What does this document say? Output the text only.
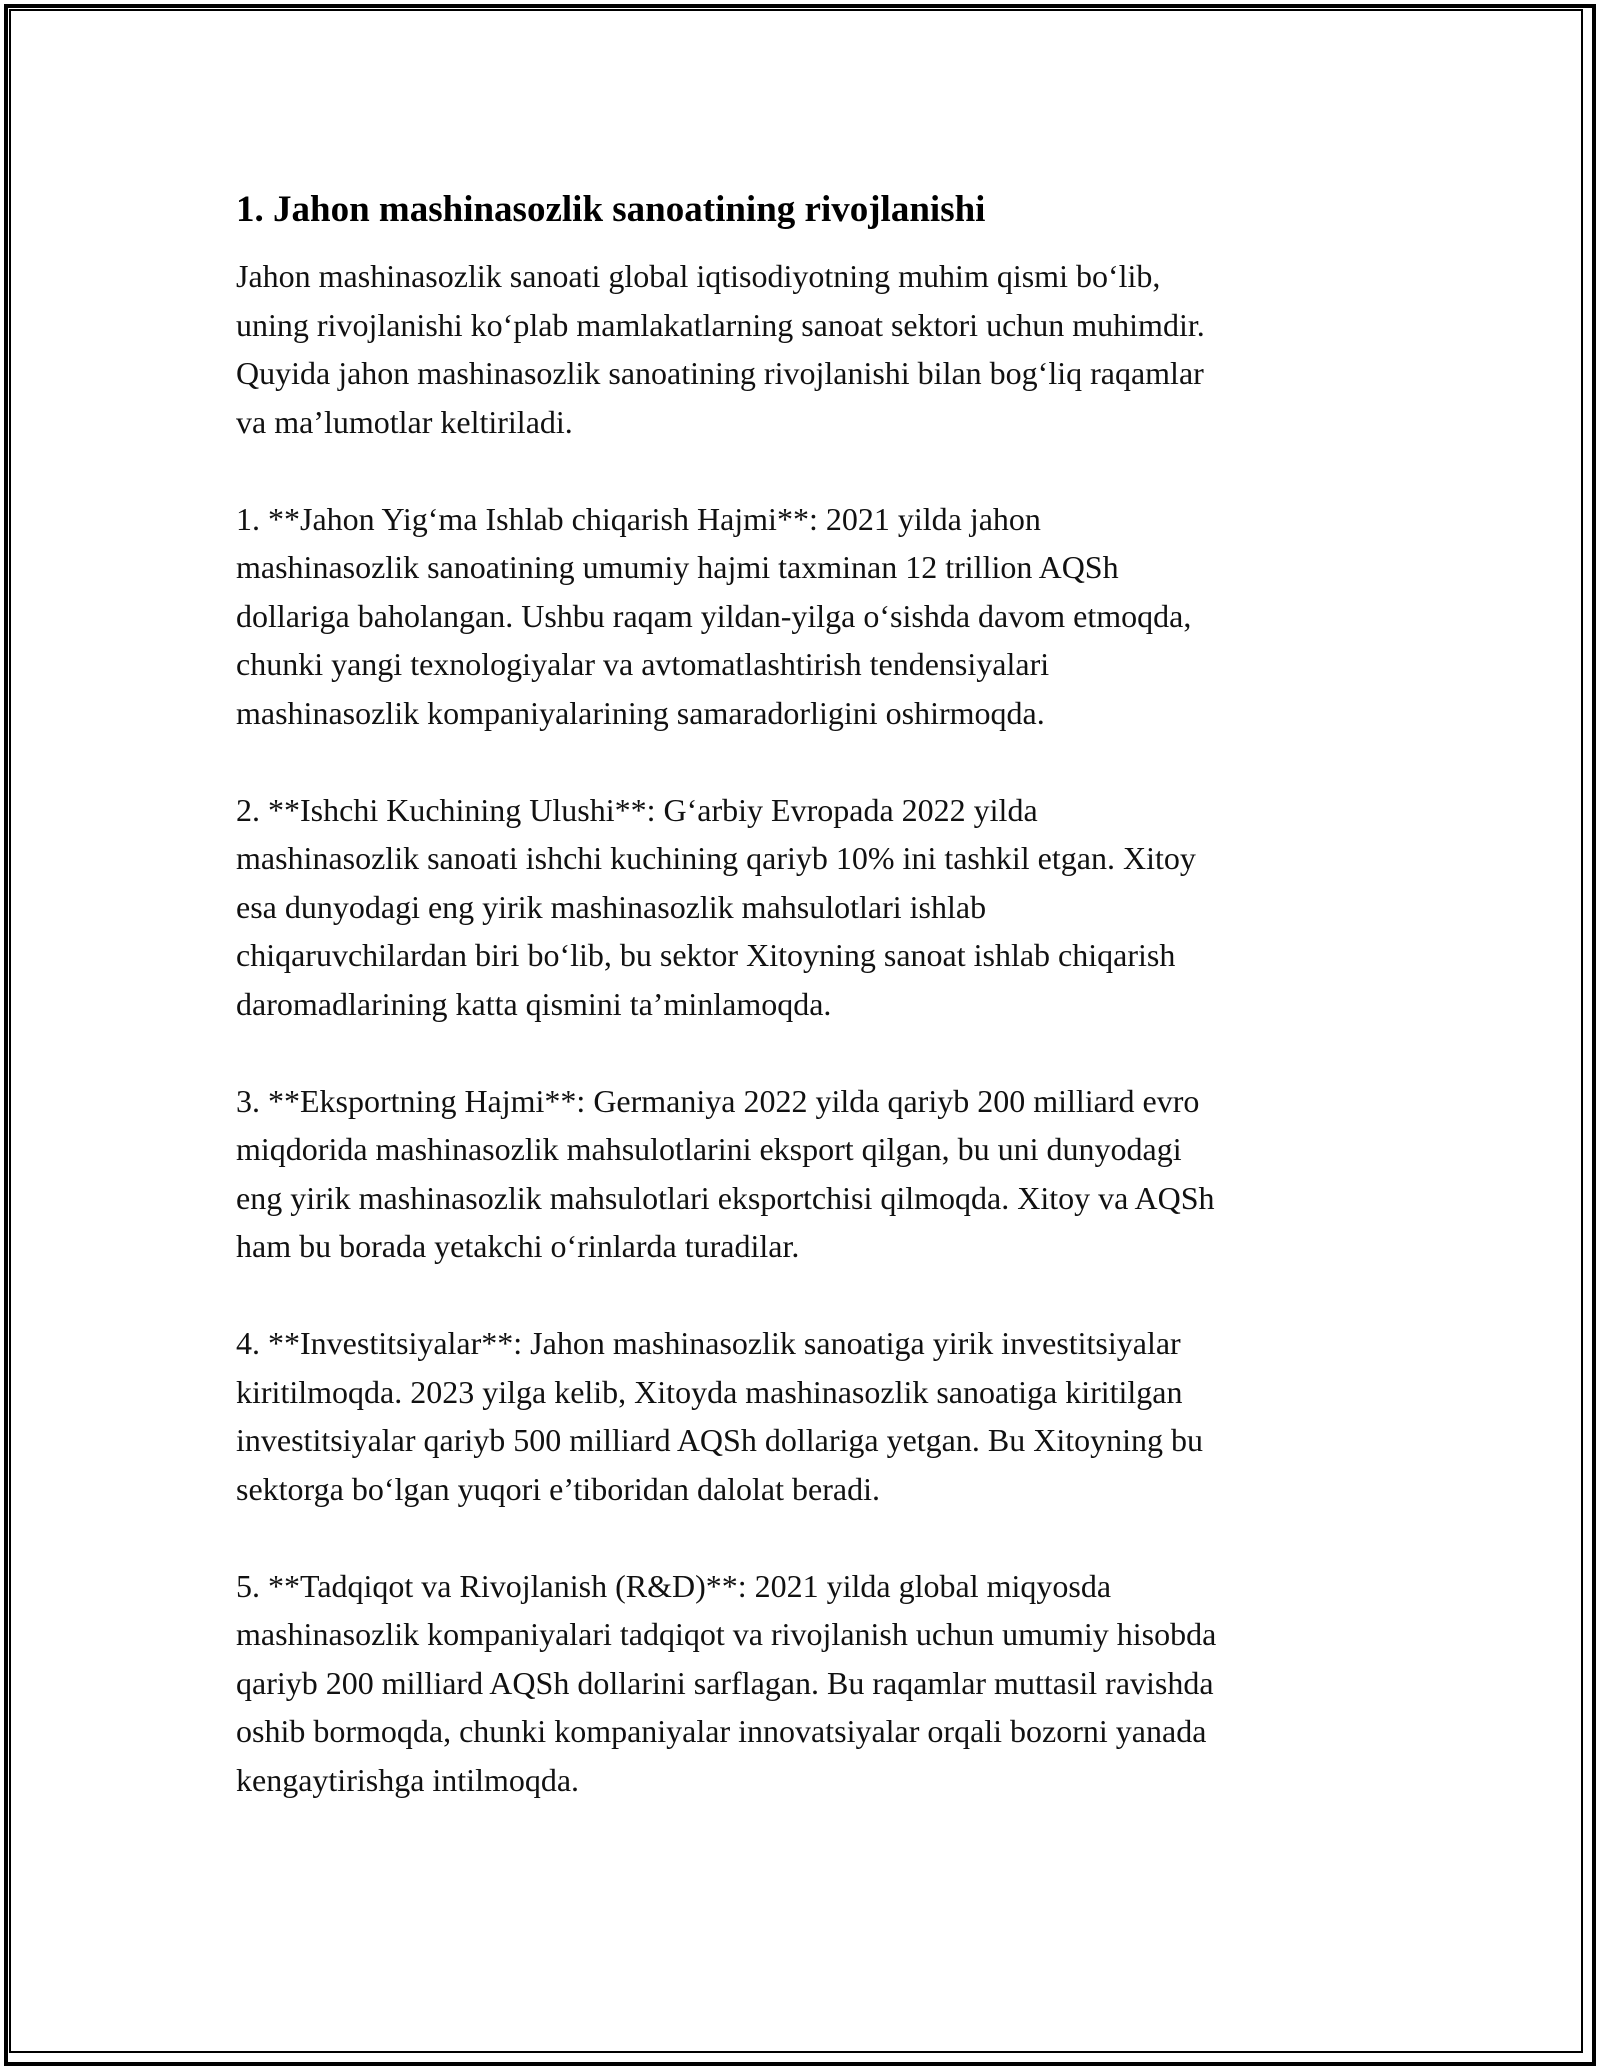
1. Jahon mashinasozlik sanoatining rivojlanishi

Jahon mashinasozlik sanoati global iqtisodiyotning muhim qismi bo‘lib,
uning rivojlanishi ko‘plab mamlakatlarning sanoat sektori uchun muhimdir.
Quyida jahon mashinasozlik sanoatining rivojlanishi bilan bog‘liq raqamlar
va ma’lumotlar keltiriladi.

1. **Jahon Yig‘ma Ishlab chiqarish Hajmi**: 2021 yilda jahon
mashinasozlik sanoatining umumiy hajmi taxminan 12 trillion AQSh
dollariga baholangan. Ushbu raqam yildan-yilga o‘sishda davom etmoqda,
chunki yangi texnologiyalar va avtomatlashtirish tendensiyalari
mashinasozlik kompaniyalarining samaradorligini oshirmoqda.

2. **Ishchi Kuchining Ulushi**: G‘arbiy Evropada 2022 yilda
mashinasozlik sanoati ishchi kuchining qariyb 10% ini tashkil etgan. Xitoy
esa dunyodagi eng yirik mashinasozlik mahsulotlari ishlab
chiqaruvchilardan biri bo‘lib, bu sektor Xitoyning sanoat ishlab chiqarish
daromadlarining katta qismini ta’minlamoqda.

3. **Eksportning Hajmi**: Germaniya 2022 yilda qariyb 200 milliard evro
miqdorida mashinasozlik mahsulotlarini eksport qilgan, bu uni dunyodagi
eng yirik mashinasozlik mahsulotlari eksportchisi qilmoqda. Xitoy va AQSh
ham bu borada yetakchi o‘rinlarda turadilar.

4. **Investitsiyalar**: Jahon mashinasozlik sanoatiga yirik investitsiyalar
kiritilmoqda. 2023 yilga kelib, Xitoyda mashinasozlik sanoatiga kiritilgan
investitsiyalar qariyb 500 milliard AQSh dollariga yetgan. Bu Xitoyning bu
sektorga bo‘lgan yuqori e’tiboridan dalolat beradi.

5. **Tadqiqot va Rivojlanish (R&D)**: 2021 yilda global miqyosda
mashinasozlik kompaniyalari tadqiqot va rivojlanish uchun umumiy hisobda
qariyb 200 milliard AQSh dollarini sarflagan. Bu raqamlar muttasil ravishda
oshib bormoqda, chunki kompaniyalar innovatsiyalar orqali bozorni yanada
kengaytirishga intilmoqda.
